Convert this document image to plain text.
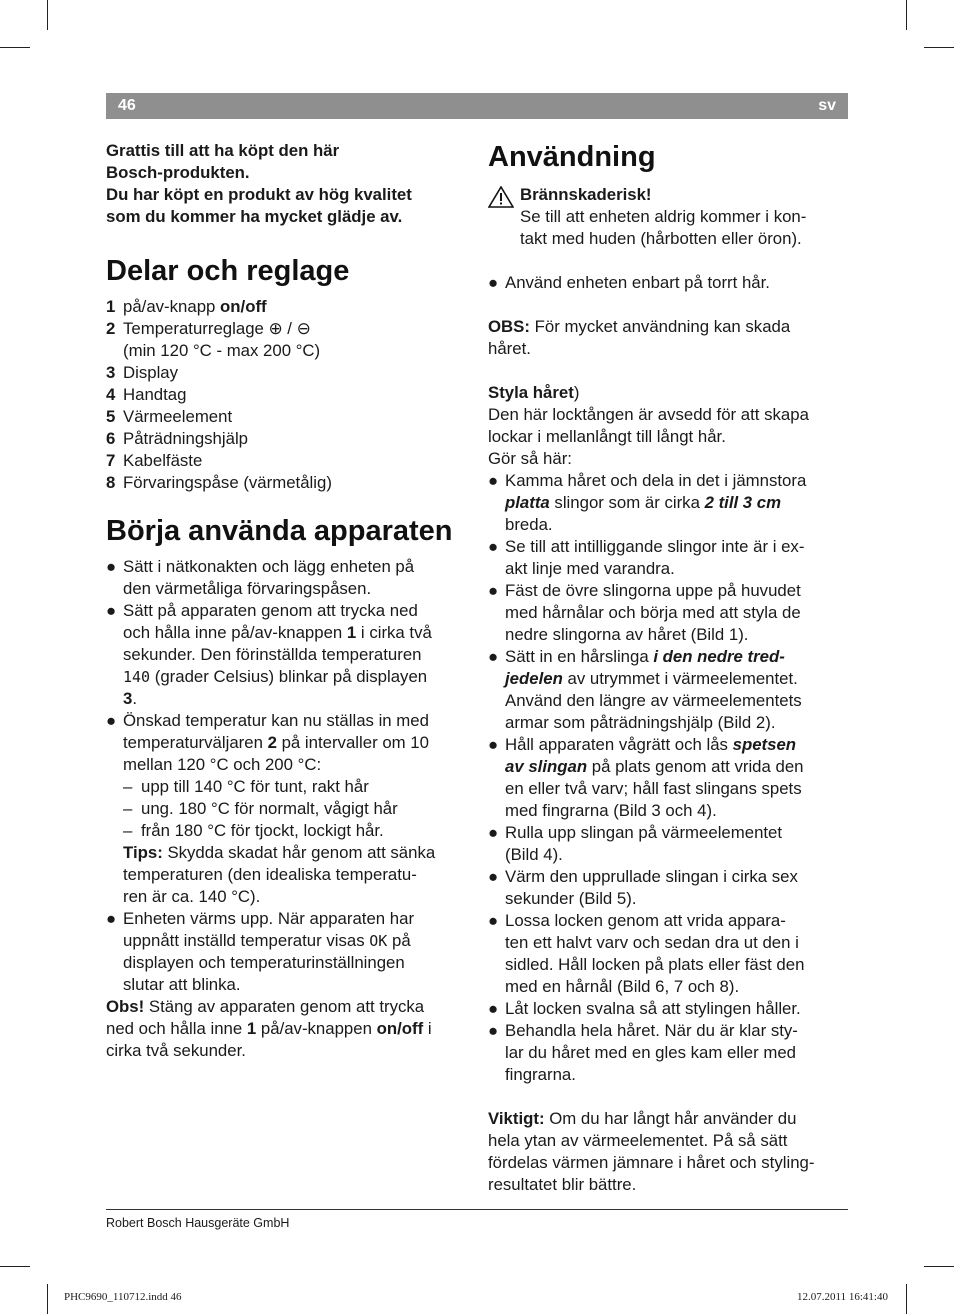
46	sv

Grattis till att ha köpt den här

Bosch-produkten.

Du har köpt en produkt av hög kvalitet

som du kommer ha mycket glädje av.

Delar och reglage
1 på/av-knapp on/off
2 Temperaturreglage ⊕ / ⊖
(min 120 °C - max 200 °C)
3 Display
4 Handtag
5 Värmeelement
6 Påträdningshjälp
7 Kabelfäste
8 Förvaringspåse (värmetålig)
Börja använda apparaten
● Sätt i nätkonakten och lägg enheten på
den värmetåliga förvaringspåsen.
● Sätt på apparaten genom att trycka ned
och hålla inne på/av-knappen 1 i cirka två
sekunder. Den förinställda temperaturen
140 (grader Celsius) blinkar på displayen
3.
● Önskad temperatur kan nu ställas in med
temperaturväljaren 2 på intervaller om 10
mellan 120 °C och 200 °C:
– upp till 140 °C för tunt, rakt hår
– ung. 180 °C för normalt, vågigt hår
– från 180 °C för tjockt, lockigt hår.
Tips: Skydda skadat hår genom att sänka
temperaturen (den idealiska temperatu-
ren är ca. 140 °C).
● Enheten värms upp. När apparaten har
uppnått inställd temperatur visas OK på
displayen och temperaturinställningen
slutar att blinka.

Obs! Stäng av apparaten genom att trycka
ned och hålla inne 1 på/av-knappen on/off i
cirka två sekunder.

Användning
Brännskaderisk!
Se till att enheten aldrig kommer i kon-
takt med huden (hårbotten eller öron).
● Använd enheten enbart på torrt hår.

OBS: För mycket användning kan skada
håret.

Styla håret)
Den här locktången är avsedd för att skapa
lockar i mellanlångt till långt hår.
Gör så här:

● Kamma håret och dela in det i jämnstora
platta slingor som är cirka 2 till 3 cm
breda.
● Se till att intilliggande slingor inte är i ex-
akt linje med varandra.
● Fäst de övre slingorna uppe på huvudet
med hårnålar och börja med att styla de
nedre slingorna av håret (Bild 1).
● Sätt in en hårslinga i den nedre tred-
jedelen av utrymmet i värmeelementet.
Använd den längre av värmeelementets
armar som påträdningshjälp (Bild 2).
● Håll apparaten vågrätt och lås spetsen
av slingan på plats genom att vrida den
en eller två varv; håll fast slingans spets
med fingrarna (Bild 3 och 4).
● Rulla upp slingan på värmeelementet
(Bild 4).
● Värm den upprullade slingan i cirka sex
sekunder (Bild 5).
● Lossa locken genom att vrida appara-
ten ett halvt varv och sedan dra ut den i
sidled. Håll locken på plats eller fäst den
med en hårnål (Bild 6, 7 och 8).
● Låt locken svalna så att stylingen håller.
● Behandla hela håret. När du är klar sty-
lar du håret med en gles kam eller med
fingrarna.

Viktigt: Om du har långt hår använder du
hela ytan av värmeelementet. På så sätt
fördelas värmen jämnare i håret och styling-
resultatet blir bättre.

Robert Bosch Hausgeräte GmbH
PHC9690_110712.indd 46	12.07.2011 16:41:40
